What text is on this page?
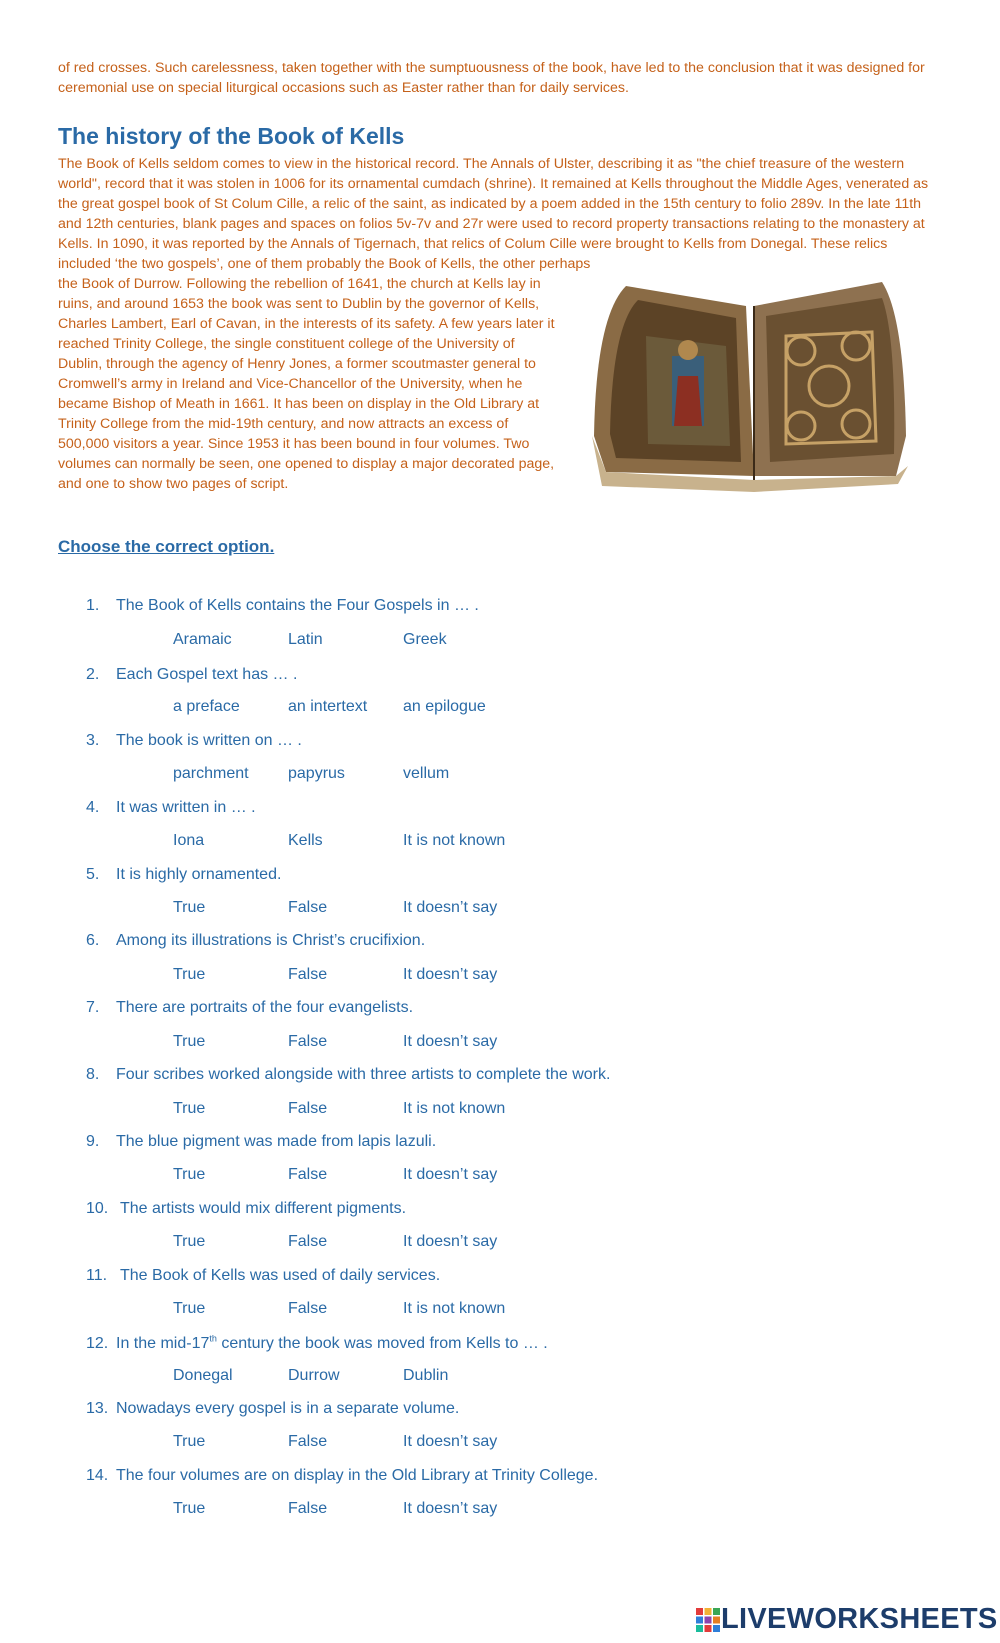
of red crosses. Such carelessness, taken together with the sumptuousness of the book, have led to the conclusion that it was designed for ceremonial use on special liturgical occasions such as Easter rather than for daily services.

The history of the Book of Kells

The Book of Kells seldom comes to view in the historical record. The Annals of Ulster, describing it as "the chief treasure of the western world", record that it was stolen in 1006 for its ornamental cumdach (shrine). It remained at Kells throughout the Middle Ages, venerated as the great gospel book of St Colum Cille, a relic of the saint, as indicated by a poem added in the 15th century to folio 289v. In the late 11th and 12th centuries, blank pages and spaces on folios 5v-7v and 27r were used to record property transactions relating to the monastery at Kells. In 1090, it was reported by the Annals of Tigernach, that relics of Colum Cille were brought to Kells from Donegal. These relics included ‘the two gospels’, one of them probably the Book of Kells, the other perhaps

the Book of Durrow. Following the rebellion of 1641, the church at Kells lay in ruins, and around 1653 the book was sent to Dublin by the governor of Kells, Charles Lambert, Earl of Cavan, in the interests of its safety. A few years later it reached Trinity College, the single constituent college of the University of Dublin, through the agency of Henry Jones, a former scoutmaster general to Cromwell’s army in Ireland and Vice-Chancellor of the University, when he became Bishop of Meath in 1661. It has been on display in the Old Library at Trinity College from the mid-19th century, and now attracts an excess of 500,000 visitors a year. Since 1953 it has been bound in four volumes. Two volumes can normally be seen, one opened to display a major decorated page, and one to show two pages of script.

Choose the correct option.

1. The Book of Kells contains the Four Gospels in … .
Aramaic	Latin	Greek
2. Each Gospel text has … .
a preface	an intertext an epilogue
3. The book is written on … .
parchment papyrus	vellum
4. It was written in … .
Iona	Kells	It is not known
5. It is highly ornamented.
True	False	It doesn’t say
6. Among its illustrations is Christ’s crucifixion.
True	False	It doesn’t say
7. There are portraits of the four evangelists.
True	False	It doesn’t say
8. Four scribes worked alongside with three artists to complete the work.
True	False	It is not known
9. The blue pigment was made from lapis lazuli.
True	False	It doesn’t say
10. The artists would mix different pigments.
True	False	It doesn’t say
11. The Book of Kells was used of daily services.
True	False	It is not known
12. In the mid-17th century the book was moved from Kells to … .
Donegal	Durrow	Dublin
13. Nowadays every gospel is in a separate volume.
True	False	It doesn’t say
14. The four volumes are on display in the Old Library at Trinity College.
True	False	It doesn’t say
LIVEWORKSHEETS
